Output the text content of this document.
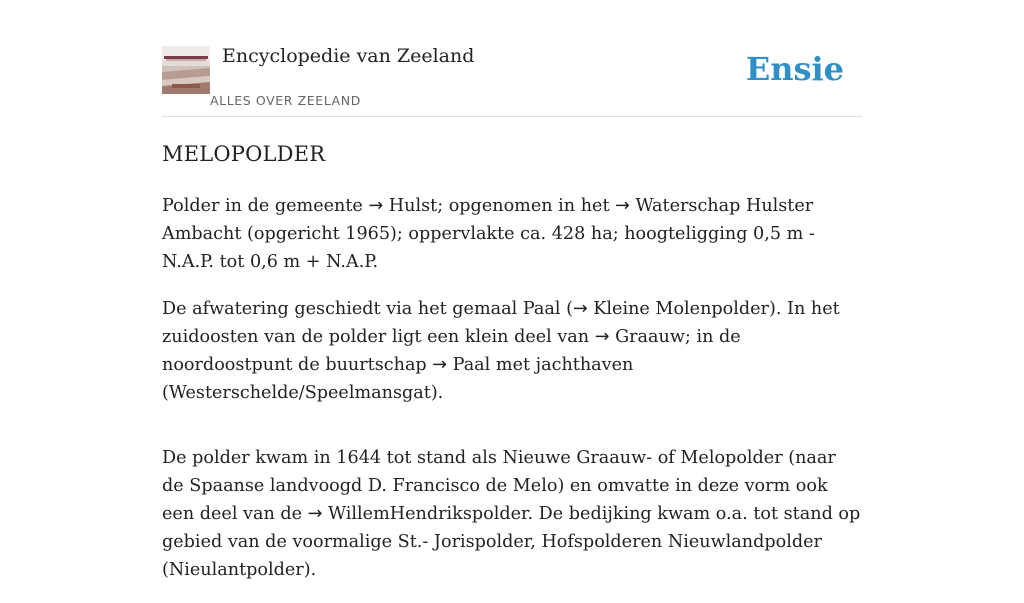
Encyclopedie van Zeeland
ALLES OVER ZEELAND
Ensie
MELOPOLDER

Polder in de gemeente → Hulst; opgenomen in het → Waterschap Hulster Ambacht (opgericht 1965); oppervlakte ca. 428 ha; hoogteligging 0,5 m - N.A.P. tot 0,6 m + N.A.P.

De afwatering geschiedt via het gemaal Paal (→ Kleine Molenpolder). In het zuidoosten van de polder ligt een klein deel van → Graauw; in de noordoostpunt de buurtschap → Paal met jachthaven (Westerschelde/Speelmansgat).

De polder kwam in 1644 tot stand als Nieuwe Graauw- of Melopolder (naar de Spaanse landvoogd D. Francisco de Melo) en omvatte in deze vorm ook een deel van de → WillemHendrikspolder. De bedijking kwam o.a. tot stand op gebied van de voormalige St.- Jorispolder, Hofspolderen Nieuwlandpolder (Nieulantpolder).
